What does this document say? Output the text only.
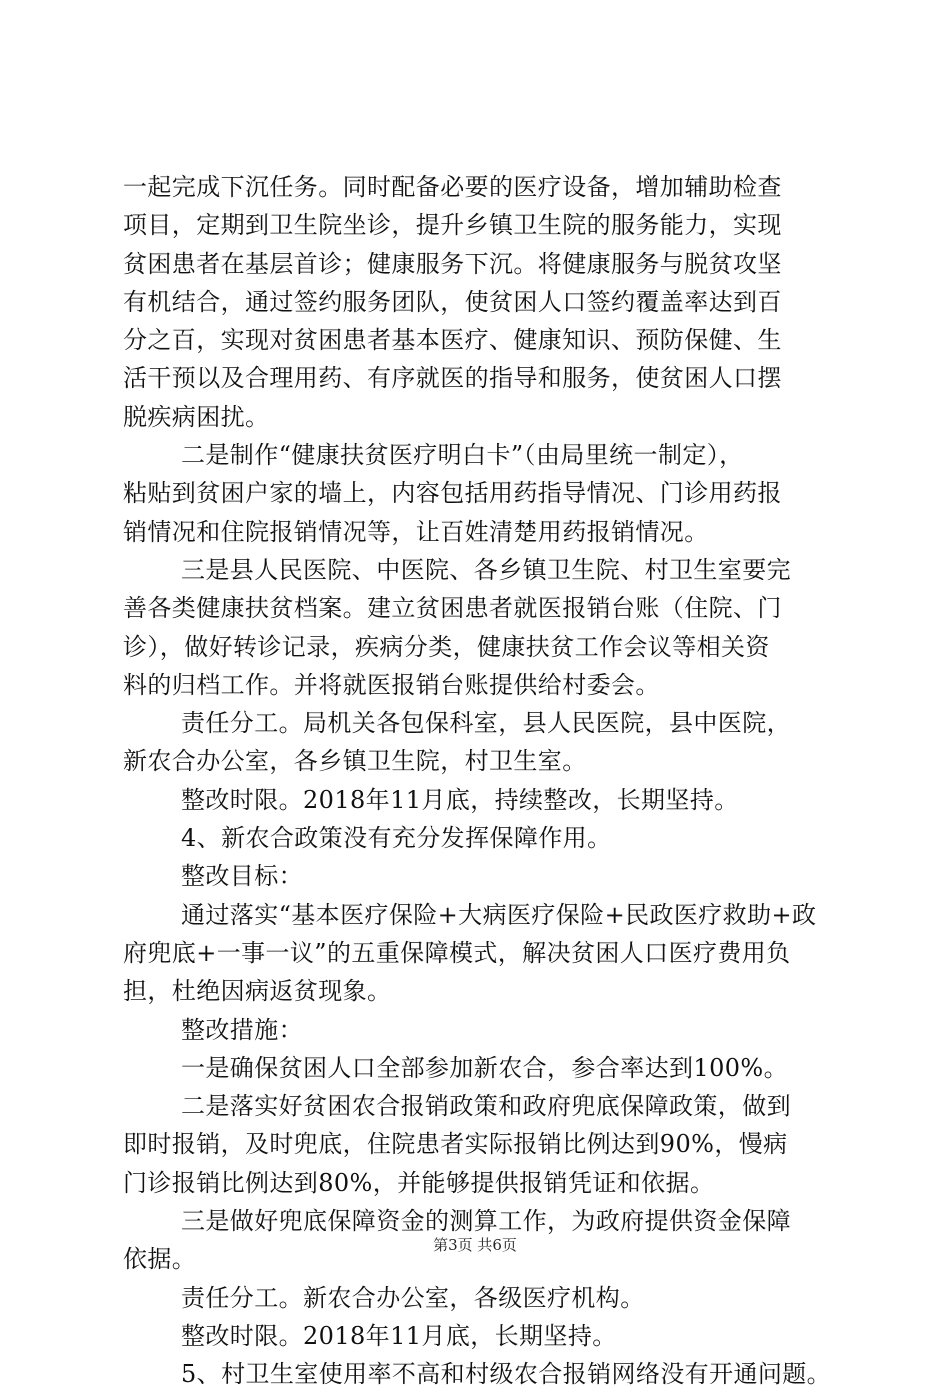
一起完成下沉任务。同时配备必要的医疗设备，增加辅助检查
项目，定期到卫生院坐诊，提升乡镇卫生院的服务能力，实现
贫困患者在基层首诊；健康服务下沉。将健康服务与脱贫攻坚
有机结合，通过签约服务团队，使贫困人口签约覆盖率达到百
分之百，实现对贫困患者基本医疗、健康知识、预防保健、生
活干预以及合理用药、有序就医的指导和服务，使贫困人口摆
脱疾病困扰。
二是制作“健康扶贫医疗明白卡”（由局里统一制定），
粘贴到贫困户家的墙上，内容包括用药指导情况、门诊用药报
销情况和住院报销情况等，让百姓清楚用药报销情况。
三是县人民医院、中医院、各乡镇卫生院、村卫生室要完
善各类健康扶贫档案。建立贫困患者就医报销台账（住院、门
诊），做好转诊记录，疾病分类，健康扶贫工作会议等相关资
料的归档工作。并将就医报销台账提供给村委会。
责任分工。局机关各包保科室，县人民医院，县中医院，
新农合办公室，各乡镇卫生院，村卫生室。
整改时限。2018年11月底，持续整改，长期坚持。
4、新农合政策没有充分发挥保障作用。
整改目标：
通过落实“基本医疗保险+大病医疗保险+民政医疗救助+政
府兜底+一事一议”的五重保障模式，解决贫困人口医疗费用负
担，杜绝因病返贫现象。
整改措施：
一是确保贫困人口全部参加新农合，参合率达到100%。
二是落实好贫困农合报销政策和政府兜底保障政策，做到
即时报销，及时兜底，住院患者实际报销比例达到90%，慢病
门诊报销比例达到80%，并能够提供报销凭证和依据。
三是做好兜底保障资金的测算工作，为政府提供资金保障
依据。
责任分工。新农合办公室，各级医疗机构。
整改时限。2018年11月底，长期坚持。
5、村卫生室使用率不高和村级农合报销网络没有开通问题。
第3页 共6页
